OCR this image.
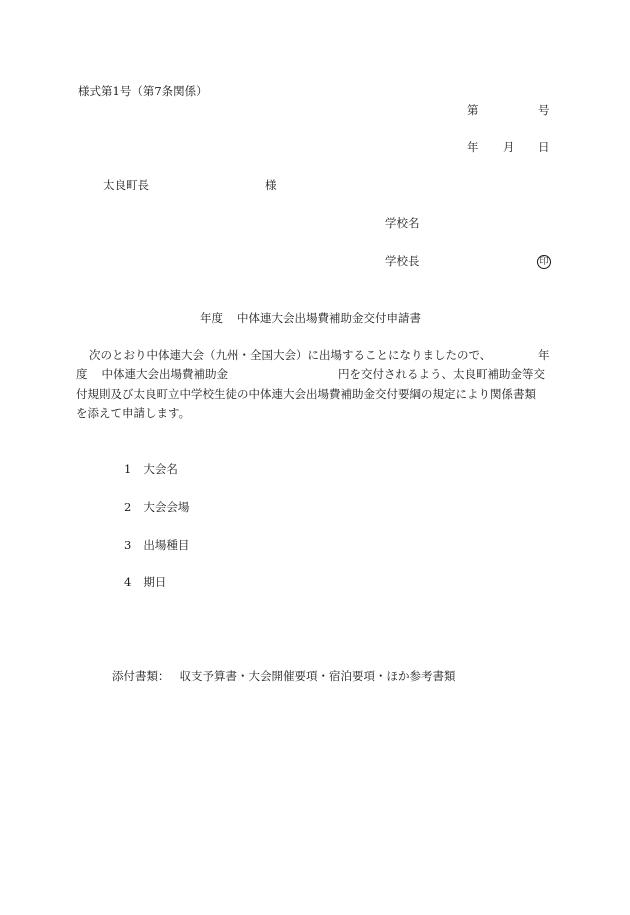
様式第1号（第7条関係）
第	号
年 月 日
太良町長	様
学校名
学校長	印
年度 中体連大会出場費補助金交付申請書
次のとおり中体連大会（九州・全国大会）に出場することになりましたので、	年
度 中体連大会出場費補助金	円を交付されるよう、太良町補助金等交
付規則及び太良町立中学校生徒の中体連大会出場費補助金交付要綱の規定により関係書類
を添えて申請します。
1 大会名
2 大会会場
3 出場種目
4 期日
添付書類： 収支予算書・大会開催要項・宿泊要項・ほか参考書類
